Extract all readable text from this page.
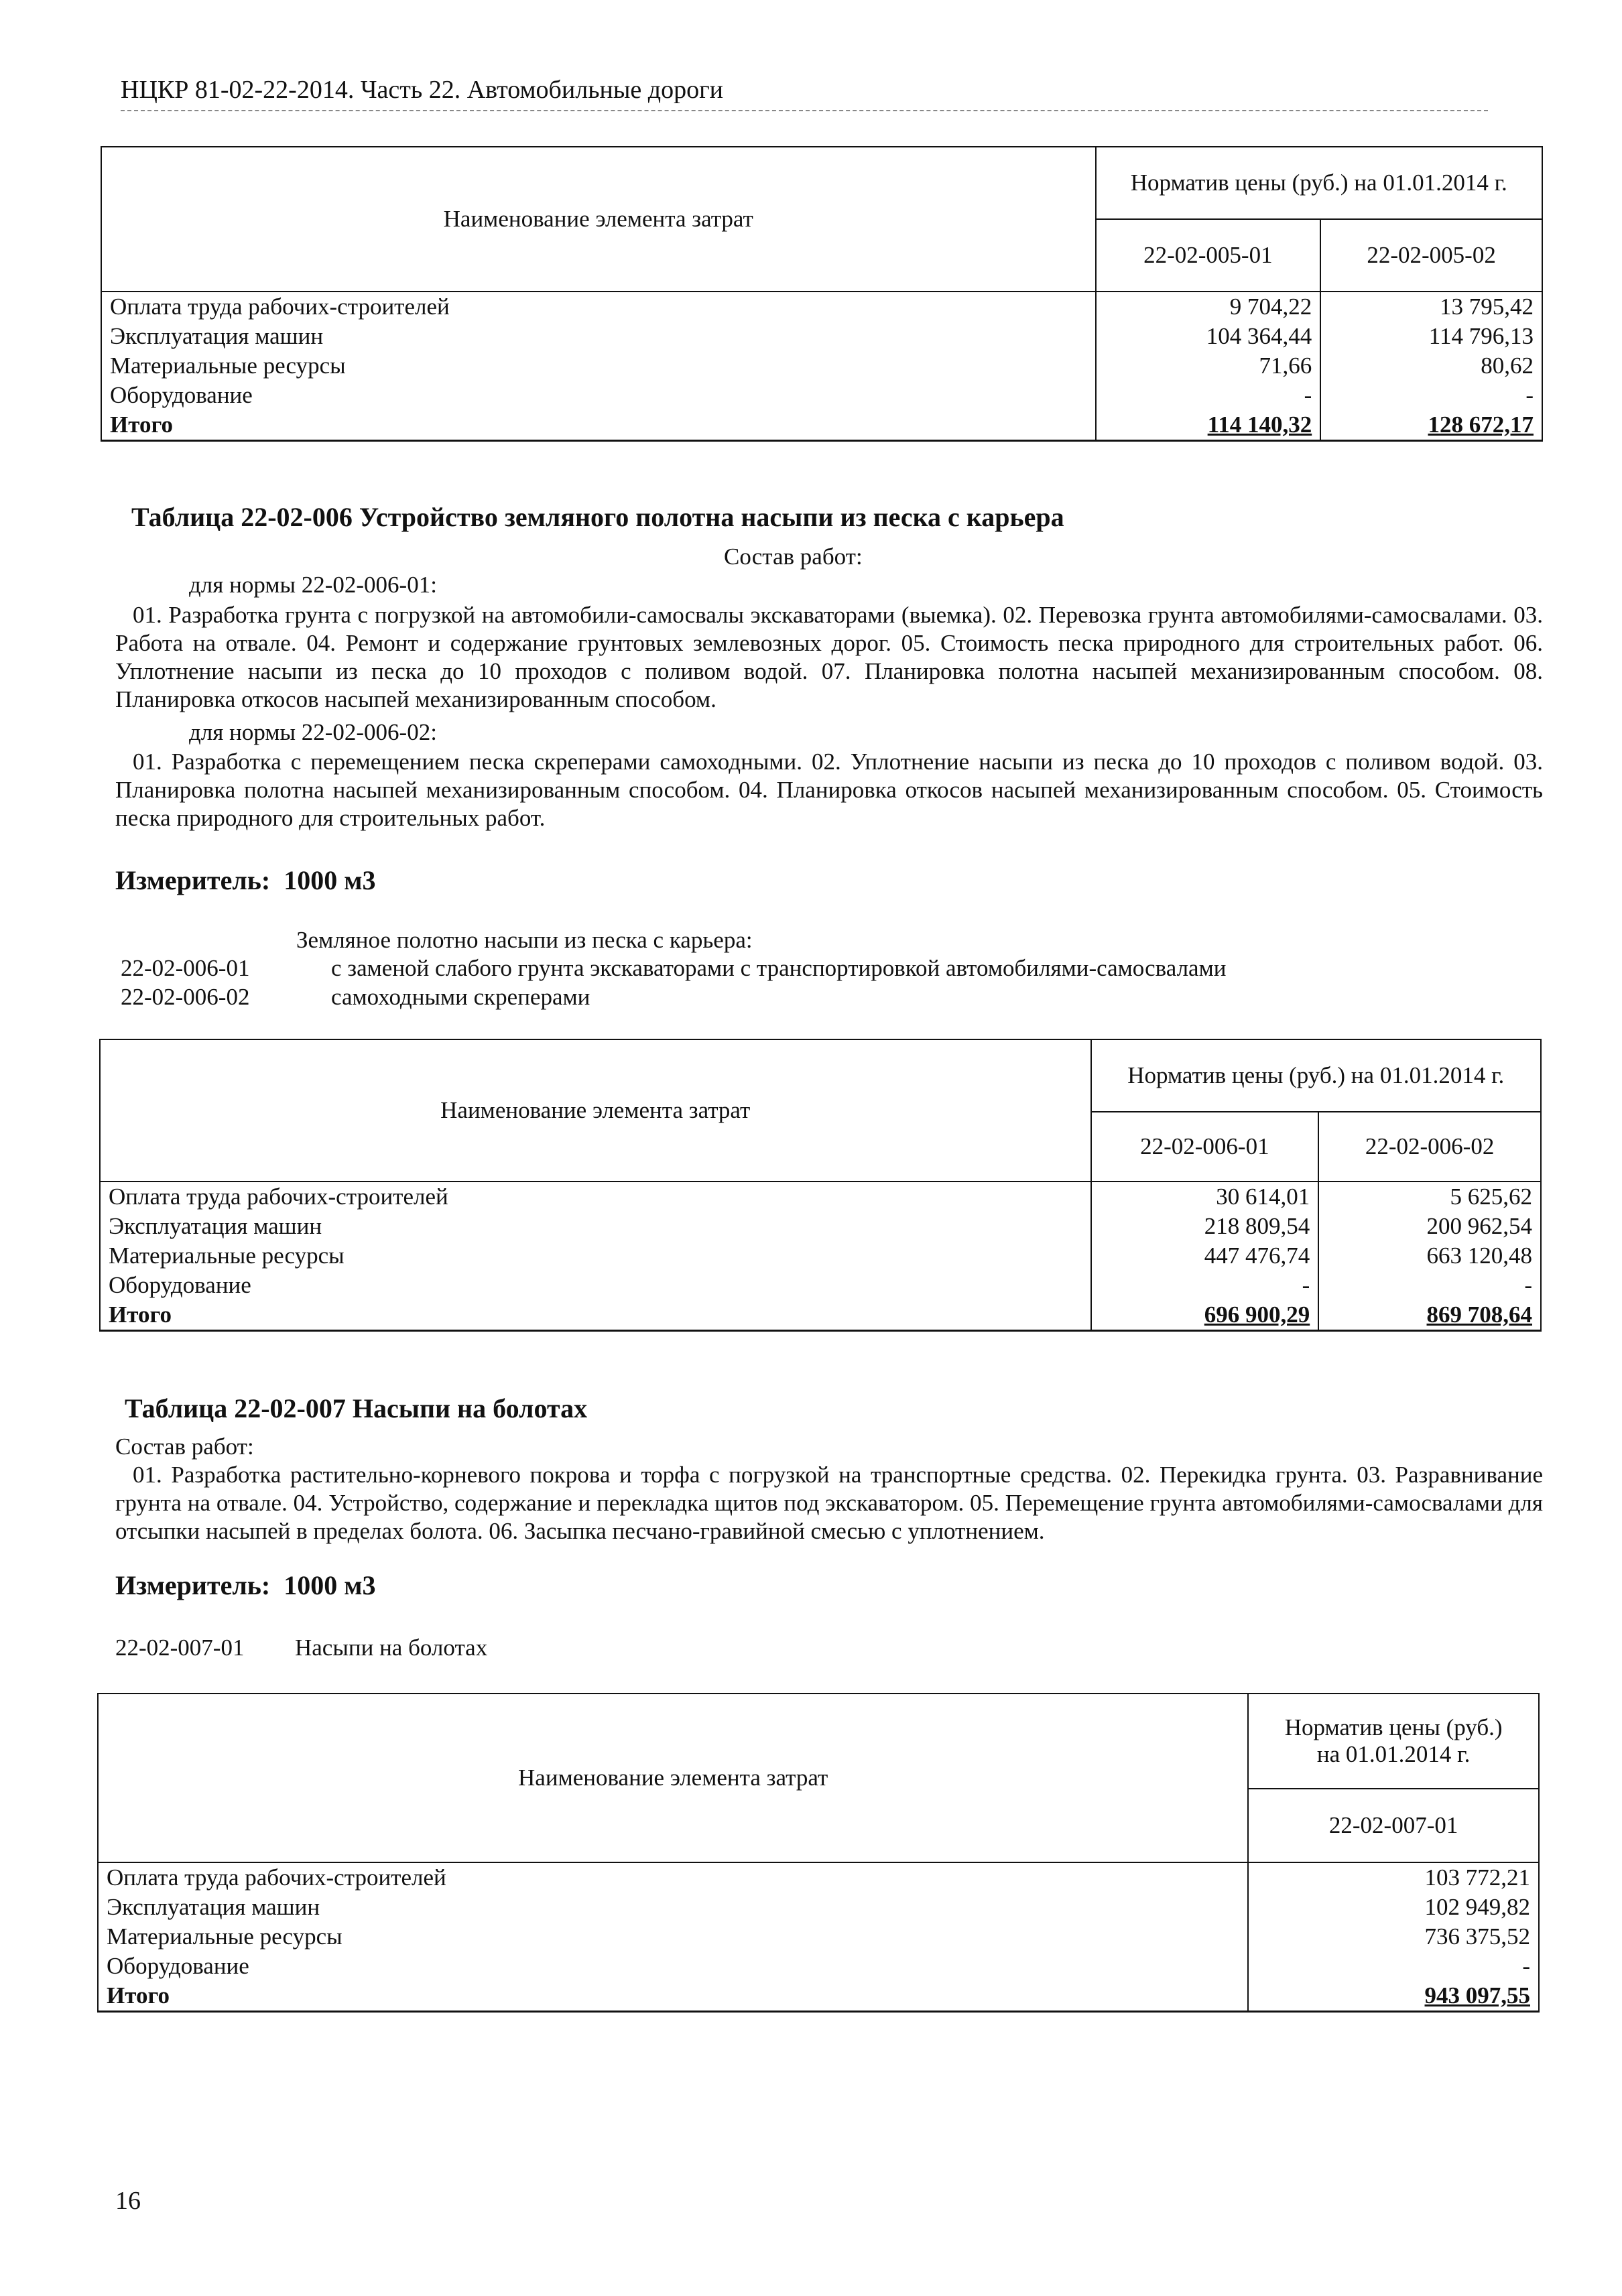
НЦКР 81-02-22-2014. Часть 22. Автомобильные дороги
Наименование элемента затрат	Норматив цены (руб.) на 01.01.2014 г.	
	22-02-005-01	22-02-005-02
Оплата труда рабочих-строителей	9 704,22	13 795,42
Эксплуатация машин	104 364,44	114 796,13
Материальные ресурсы	71,66	80,62
Оборудование	-	-
Итого	114 140,32	128 672,17
Таблица 22-02-006 Устройство земляного полотна насыпи из песка с карьера
Состав работ:
для нормы 22-02-006-01:
01. Разработка грунта с погрузкой на автомобили-самосвалы экскаваторами (выемка). 02. Перевозка грунта автомобилями-самосвалами. 03. Работа на отвале. 04. Ремонт и содержание грунтовых землевозных дорог. 05. Стоимость песка природного для строительных работ. 06. Уплотнение насыпи из песка до 10 проходов с поливом водой. 07. Планировка полотна насыпей механизированным способом. 08. Планировка откосов насыпей механизированным способом.
для нормы 22-02-006-02:
01. Разработка с перемещением песка скреперами самоходными. 02. Уплотнение насыпи из песка до 10 проходов с поливом водой. 03. Планировка полотна насыпей механизированным способом. 04. Планировка откосов насыпей механизированным способом. 05. Стоимость песка природного для строительных работ.
Измеритель:  1000 м3
Земляное полотно насыпи из песка с карьера:
22-02-006-01	с заменой слабого грунта экскаваторами с транспортировкой автомобилями-самосвалами
22-02-006-02	самоходными скреперами
Наименование элемента затрат	Норматив цены (руб.) на 01.01.2014 г.	
	22-02-006-01	22-02-006-02
Оплата труда рабочих-строителей	30 614,01	5 625,62
Эксплуатация машин	218 809,54	200 962,54
Материальные ресурсы	447 476,74	663 120,48
Оборудование	-	-
Итого	696 900,29	869 708,64
Таблица 22-02-007 Насыпи на болотах
Состав работ:
01. Разработка растительно-корневого покрова и торфа с погрузкой на транспортные средства. 02. Перекидка грунта. 03. Разравнивание грунта на отвале. 04. Устройство, содержание и перекладка щитов под экскаватором. 05. Перемещение грунта автомобилями-самосвалами для отсыпки насыпей в пределах болота. 06. Засыпка песчано-гравийной смесью с уплотнением.
Измеритель:  1000 м3
22-02-007-01 Насыпи на болотах
Наименование элемента затрат	Норматив цены (руб.)
на 01.01.2014 г.

	22-02-007-01
Оплата труда рабочих-строителей	103 772,21
Эксплуатация машин	102 949,82
Материальные ресурсы	736 375,52
Оборудование	-
Итого	943 097,55
16
